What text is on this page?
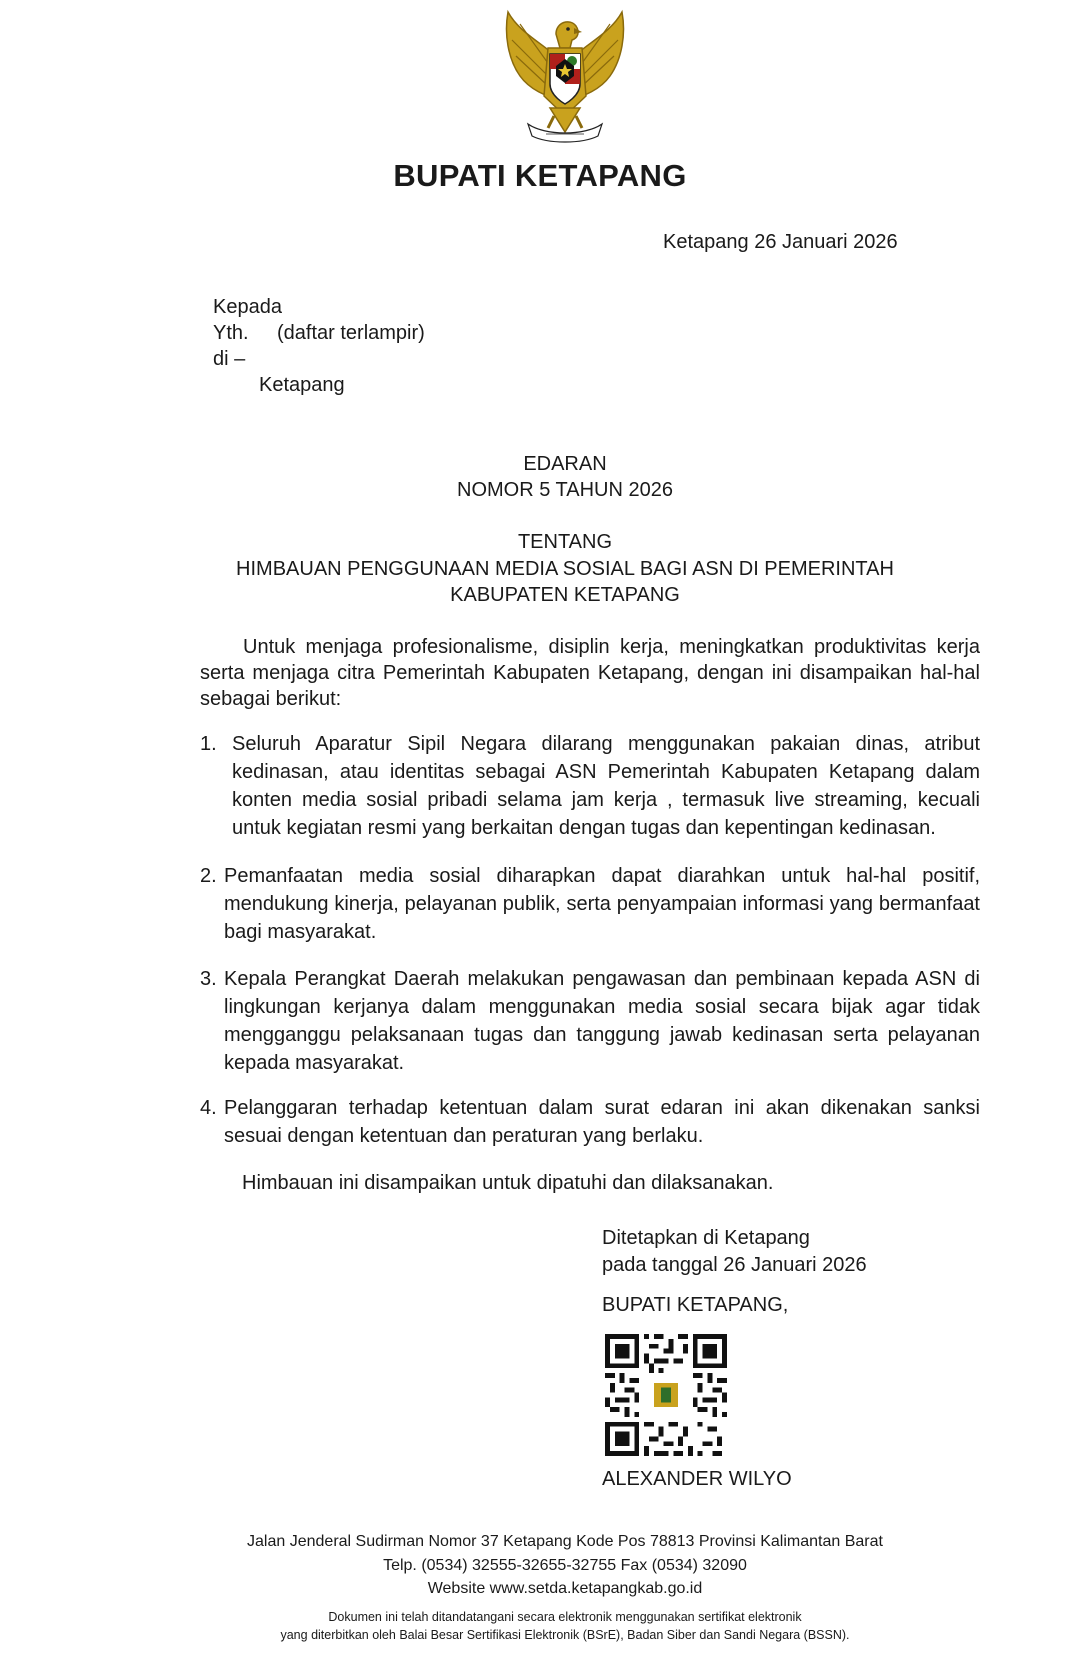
BUPATI KETAPANG
Ketapang 26 Januari 2026
Kepada
Yth. (daftar terlampir)
di –
Ketapang
EDARAN
NOMOR 5 TAHUN 2026
TENTANG
HIMBAUAN PENGGUNAAN MEDIA SOSIAL BAGI ASN DI PEMERINTAH
KABUPATEN KETAPANG
Untuk menjaga profesionalisme, disiplin kerja, meningkatkan produktivitas kerja serta menjaga citra Pemerintah Kabupaten Ketapang, dengan ini disampaikan hal-hal sebagai berikut:
1. Seluruh Aparatur Sipil Negara dilarang menggunakan pakaian dinas, atribut kedinasan, atau identitas sebagai ASN Pemerintah Kabupaten Ketapang dalam konten media sosial pribadi selama jam kerja , termasuk live streaming, kecuali untuk kegiatan resmi yang berkaitan dengan tugas dan kepentingan kedinasan.
2. Pemanfaatan media sosial diharapkan dapat diarahkan untuk hal-hal positif, mendukung kinerja, pelayanan publik, serta penyampaian informasi yang bermanfaat bagi masyarakat.
3. Kepala Perangkat Daerah melakukan pengawasan dan pembinaan kepada ASN di lingkungan kerjanya dalam menggunakan media sosial secara bijak agar tidak mengganggu pelaksanaan tugas dan tanggung jawab kedinasan serta pelayanan kepada masyarakat.
4. Pelanggaran terhadap ketentuan dalam surat edaran ini akan dikenakan sanksi sesuai dengan ketentuan dan peraturan yang berlaku.
Himbauan ini disampaikan untuk dipatuhi dan dilaksanakan.
Ditetapkan di Ketapang
pada tanggal 26 Januari 2026
BUPATI KETAPANG,
ALEXANDER WILYO
Jalan Jenderal Sudirman Nomor 37 Ketapang Kode Pos 78813 Provinsi Kalimantan Barat
Telp. (0534) 32555-32655-32755 Fax (0534) 32090
Website www.setda.ketapangkab.go.id
Dokumen ini telah ditandatangani secara elektronik menggunakan sertifikat elektronik
yang diterbitkan oleh Balai Besar Sertifikasi Elektronik (BSrE), Badan Siber dan Sandi Negara (BSSN).
